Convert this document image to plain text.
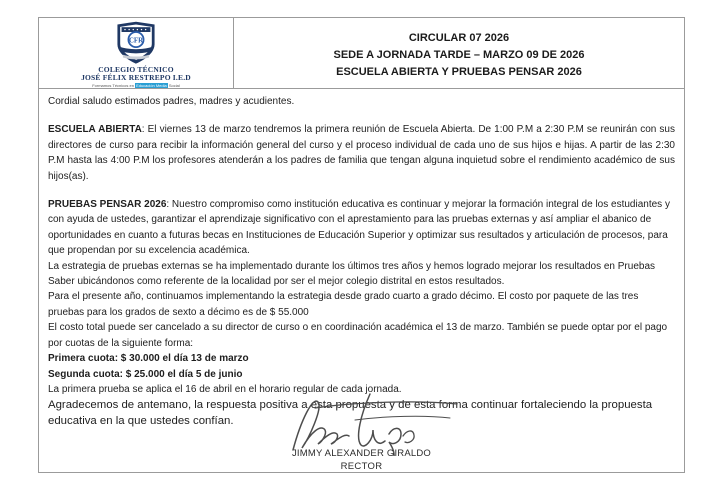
CFR
COLEGIO TÉCNICO
JOSÉ FÉLIX RESTREPO I.E.D
Formamos Técnicos en Educación Media Social
CIRCULAR 07 2026
SEDE A JORNADA TARDE – MARZO 09 DE 2026
ESCUELA ABIERTA Y PRUEBAS PENSAR 2026

Cordial saludo estimados padres, madres y acudientes.

ESCUELA ABIERTA: El viernes 13 de marzo tendremos la primera reunión de Escuela Abierta. De 1:00 P.M a 2:30 P.M se reunirán con sus directores de curso para recibir la información general del curso y el proceso individual de cada uno de sus hijos e hijas. A partir de las 2:30 P.M hasta las 4:00 P.M los profesores atenderán a los padres de familia que tengan alguna inquietud sobre el rendimiento académico de sus hijos(as).

PRUEBAS PENSAR 2026: Nuestro compromiso como institución educativa es continuar y mejorar la formación integral de los estudiantes y con ayuda de ustedes, garantizar el aprendizaje significativo con el aprestamiento para las pruebas externas y así ampliar el abanico de oportunidades en cuanto a futuras becas en Instituciones de Educación Superior y optimizar sus resultados y articulación de procesos, para que propendan por su excelencia académica.

La estrategia de pruebas externas se ha implementado durante los últimos tres años y hemos logrado mejorar los resultados en Pruebas Saber ubicándonos como referente de la localidad por ser el mejor colegio distrital en estos resultados.

Para el presente año, continuamos implementando la estrategia desde grado cuarto a grado décimo. El costo por paquete de las tres pruebas para los grados de sexto a décimo es de $ 55.000

El costo total puede ser cancelado a su director de curso o en coordinación académica el 13 de marzo. También se puede optar por el pago por cuotas de la siguiente forma:

Primera cuota: $ 30.000 el día 13 de marzo

Segunda cuota: $ 25.000 el día 5 de junio

La primera prueba se aplica el 16 de abril en el horario regular de cada jornada.

Agradecemos de antemano, la respuesta positiva a esta propuesta y de esta forma continuar fortaleciendo la propuesta educativa en la que ustedes confían.

JIMMY ALEXANDER GIRALDO
RECTOR
